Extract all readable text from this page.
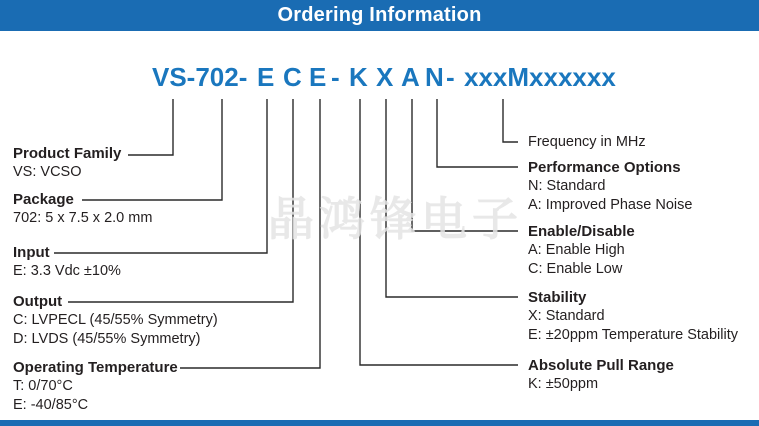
Ordering Information
VS-702- E C E - K X A N - xxxMxxxxxx
晶鸿锋电子
Product Family
VS: VCSO
Package
702: 5 x 7.5 x 2.0 mm
Input
E: 3.3 Vdc ±10%
Output
C: LVPECL (45/55% Symmetry)
D: LVDS (45/55% Symmetry)
Operating Temperature
T: 0/70°C
E: -40/85°C
Frequency in MHz
Performance Options
N: Standard
A: Improved Phase Noise
Enable/Disable
A: Enable High
C: Enable Low
Stability
X: Standard
E: ±20ppm Temperature Stability
Absolute Pull Range
K: ±50ppm
